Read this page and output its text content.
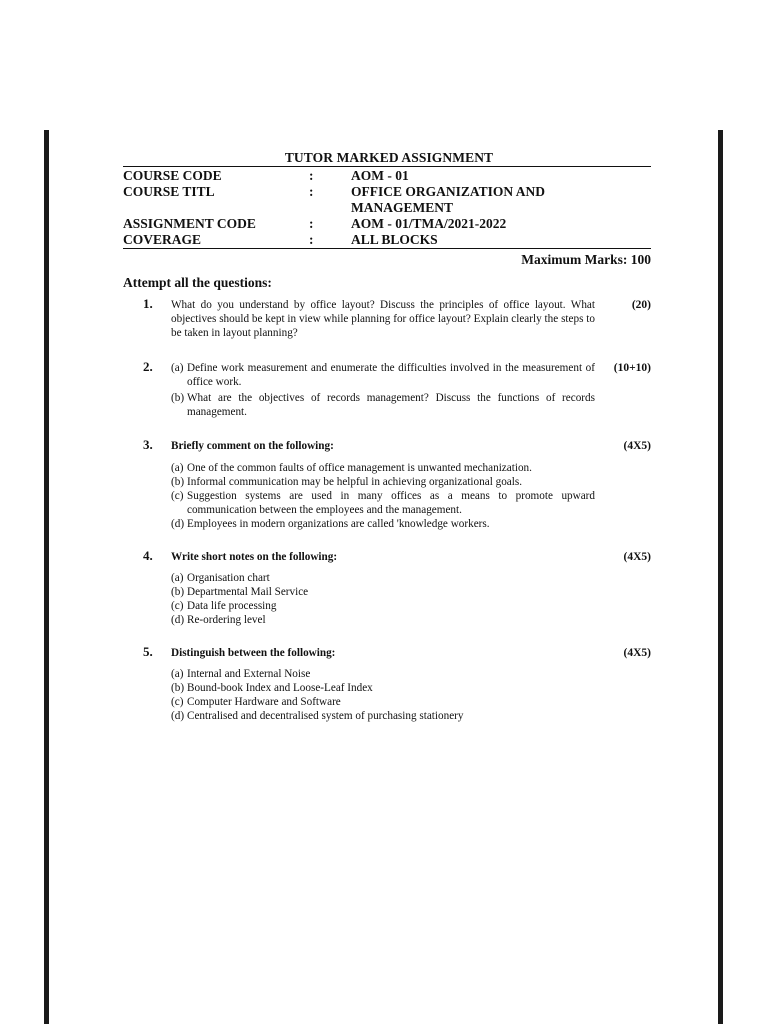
TUTOR MARKED ASSIGNMENT
COURSE CODE	:	AOM - 01
COURSE TITL	:	OFFICE ORGANIZATION AND
MANAGEMENT
ASSIGNMENT CODE	:	AOM - 01/TMA/2021-2022
COVERAGE	:	ALL BLOCKS
Maximum Marks: 100
Attempt all the questions:
1.	(20)
What do you understand by office layout? Discuss the principles of office layout. What objectives should be kept in view while planning for office layout? Explain clearly the steps to be taken in layout planning?
2.	(10+10)
(a) Define work measurement and enumerate the difficulties involved in the measurement of office work.
(b) What are the objectives of records management? Discuss the functions of records management.
3.	(4X5)
Briefly comment on the following:
(a) One of the common faults of office management is unwanted mechanization.
(b) Informal communication may be helpful in achieving organizational goals.
(c) Suggestion systems are used in many offices as a means to promote upward communication between the employees and the management.
(d) Employees in modern organizations are called 'knowledge workers.
4.	(4X5)
Write short notes on the following:
(a) Organisation chart
(b) Departmental Mail Service
(c) Data life processing
(d) Re-ordering level
5.	(4X5)
Distinguish between the following:
(a) Internal and External Noise
(b) Bound-book Index and Loose-Leaf Index
(c) Computer Hardware and Software
(d) Centralised and decentralised system of purchasing stationery
